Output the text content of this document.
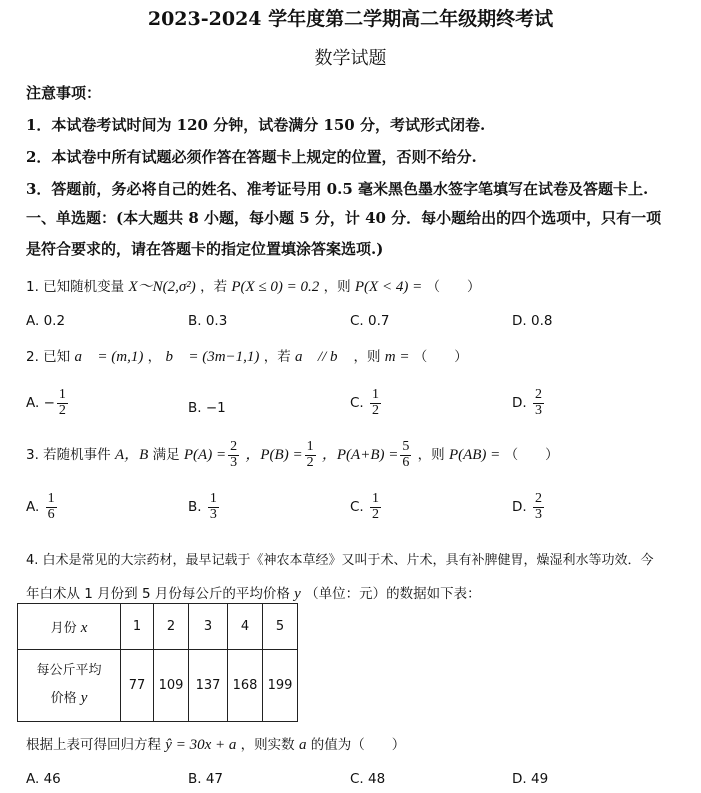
2023-2024 学年度第二学期高二年级期终考试
数学试题
注意事项：
1．本试卷考试时间为 120 分钟，试卷满分 150 分，考试形式闭卷.
2．本试卷中所有试题必须作答在答题卡上规定的位置，否则不给分.
3．答题前，务必将自己的姓名、准考证号用 0.5 毫米黑色墨水签字笔填写在试卷及答题卡上.
一、单选题：(本大题共 8 小题，每小题 5 分，计 40 分．每小题给出的四个选项中，只有一项
是符合要求的，请在答题卡的指定位置填涂答案选项.)
1. 已知随机变量 X～N(2,σ²) ，若 P(X ≤ 0) = 0.2 ，则 P(X < 4) = （　　）
A. 0.2	B. 0.3	C. 0.7	D. 0.8
2. 已知 a⃗ = (m,1) ， b⃗ = (3m−1,1) ，若 a⃗ // b⃗ ，则 m = （　　）
A. − $\frac{1}{2}$	B. −1	C. $\frac{1}{2}$	D. $\frac{2}{3}$
3. 若随机事件 A，B 满足 $P(A) = \frac{2}{3}$ ，$P(B) = \frac{1}{2}$ ，$P(A+B) = \frac{5}{6}$ ，则 P(AB) = （　　）
A. $\frac{1}{6}$	B. $\frac{1}{3}$	C. $\frac{1}{2}$	D. $\frac{2}{3}$
4. 白术是常见的大宗药材，最早记载于《神农本草经》又叫于术、片术，具有补脾健胃，燥湿利水等功效．今
年白术从 1 月份到 5 月份每公斤的平均价格 y （单位：元）的数据如下表：
月份 x	1	2	3	4	5

每公斤平均
价格 y	77	109	137	168	199
根据上表可得回归方程 ŷ = 30x + a ，则实数 a 的值为（　　）
A. 46	B. 47	C. 48	D. 49
